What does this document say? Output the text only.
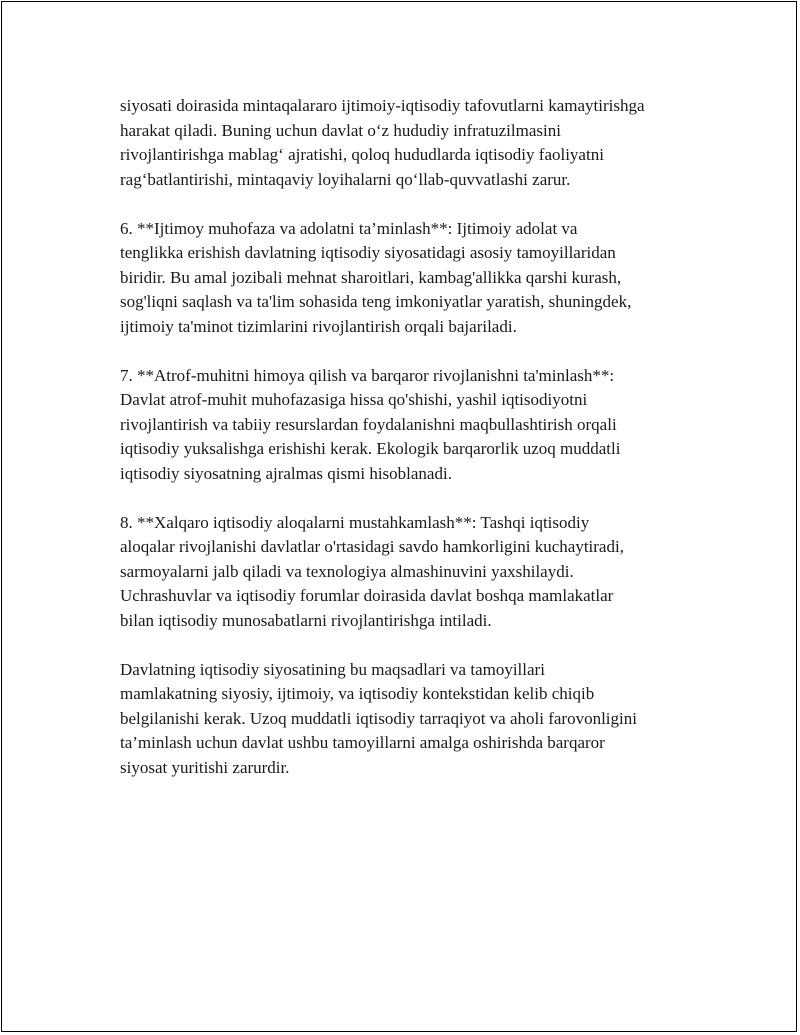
siyosati doirasida mintaqalararo ijtimoiy-iqtisodiy tafovutlarni kamaytirishga
harakat qiladi. Buning uchun davlat oʻz hududiy infratuzilmasini
rivojlantirishga mablagʻ ajratishi, qoloq hududlarda iqtisodiy faoliyatni
ragʻbatlantirishi, mintaqaviy loyihalarni qoʻllab-quvvatlashi zarur.

6. **Ijtimoy muhofaza va adolatni ta’minlash**: Ijtimoiy adolat va
tenglikka erishish davlatning iqtisodiy siyosatidagi asosiy tamoyillaridan
biridir. Bu amal jozibali mehnat sharoitlari, kambag'allikka qarshi kurash,
sog'liqni saqlash va ta'lim sohasida teng imkoniyatlar yaratish, shuningdek,
ijtimoiy ta'minot tizimlarini rivojlantirish orqali bajariladi.

7. **Atrof-muhitni himoya qilish va barqaror rivojlanishni ta'minlash**:
Davlat atrof-muhit muhofazasiga hissa qo'shishi, yashil iqtisodiyotni
rivojlantirish va tabiiy resurslardan foydalanishni maqbullashtirish orqali
iqtisodiy yuksalishga erishishi kerak. Ekologik barqarorlik uzoq muddatli
iqtisodiy siyosatning ajralmas qismi hisoblanadi.

8. **Xalqaro iqtisodiy aloqalarni mustahkamlash**: Tashqi iqtisodiy
aloqalar rivojlanishi davlatlar o'rtasidagi savdo hamkorligini kuchaytiradi,
sarmoyalarni jalb qiladi va texnologiya almashinuvini yaxshilaydi.
Uchrashuvlar va iqtisodiy forumlar doirasida davlat boshqa mamlakatlar
bilan iqtisodiy munosabatlarni rivojlantirishga intiladi.

Davlatning iqtisodiy siyosatining bu maqsadlari va tamoyillari
mamlakatning siyosiy, ijtimoiy, va iqtisodiy kontekstidan kelib chiqib
belgilanishi kerak. Uzoq muddatli iqtisodiy tarraqiyot va aholi farovonligini
ta’minlash uchun davlat ushbu tamoyillarni amalga oshirishda barqaror
siyosat yuritishi zarurdir.
